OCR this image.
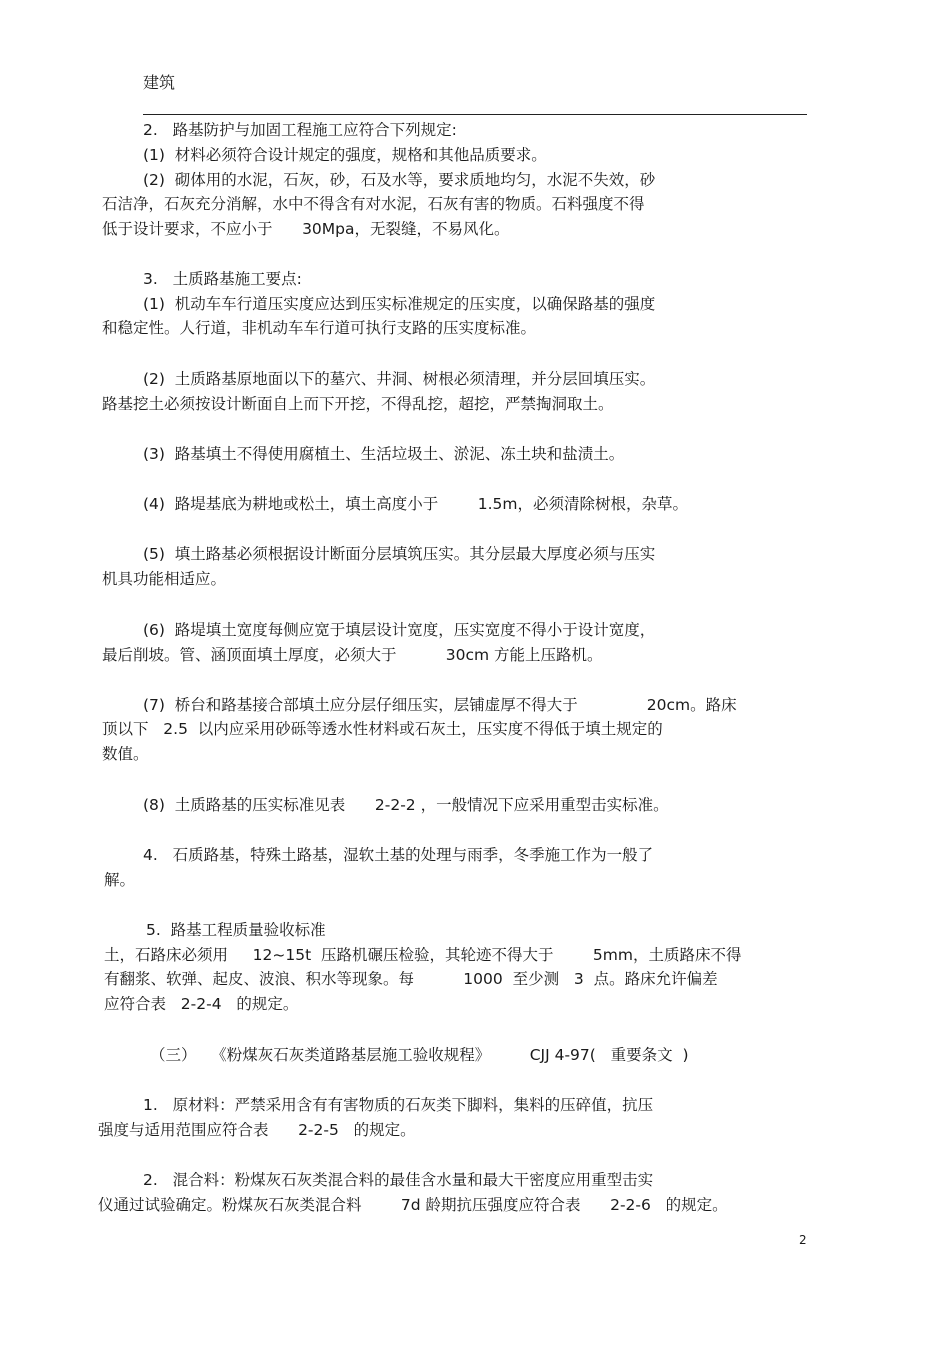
建筑
2.   路基防护与加固工程施工应符合下列规定:
(1)  材料必须符合设计规定的强度，规格和其他品质要求。
(2)  砌体用的水泥，石灰，砂，石及水等，要求质地均匀，水泥不失效，砂
石洁净，石灰充分消解，水中不得含有对水泥，石灰有害的物质。石料强度不得
低于设计要求，不应小于      30Mpa，无裂缝，不易风化。
3.   土质路基施工要点:
(1)  机动车车行道压实度应达到压实标准规定的压实度，以确保路基的强度
和稳定性。人行道，非机动车车行道可执行支路的压实度标准。
(2)  土质路基原地面以下的墓穴、井洞、树根必须清理，并分层回填压实。
路基挖土必须按设计断面自上而下开挖，不得乱挖，超挖，严禁掏洞取土。
(3)  路基填土不得使用腐植土、生活垃圾土、淤泥、冻土块和盐渍土。
(4)  路堤基底为耕地或松土，填土高度小于        1.5m，必须清除树根，杂草。
(5)  填土路基必须根据设计断面分层填筑压实。其分层最大厚度必须与压实
机具功能相适应。
(6)  路堤填土宽度每侧应宽于填层设计宽度，压实宽度不得小于设计宽度，
最后削坡。管、涵顶面填土厚度，必须大于          30cm 方能上压路机。
(7)  桥台和路基接合部填土应分层仔细压实，层铺虚厚不得大于              20cm。路床
顶以下   2.5  以内应采用砂砾等透水性材料或石灰土，压实度不得低于填土规定的
数值。
(8)  土质路基的压实标准见表      2-2-2 ，一般情况下应采用重型击实标准。
4.   石质路基，特殊土路基，湿软土基的处理与雨季，冬季施工作为一般了
解。
5.  路基工程质量验收标准
土，石路床必须用     12~15t  压路机碾压检验，其轮迹不得大于        5mm，土质路床不得
有翻浆、软弹、起皮、波浪、积水等现象。每          1000  至少测   3  点。路床允许偏差
应符合表   2-2-4   的规定。
（三）   《粉煤灰石灰类道路基层施工验收规程》        CJJ 4-97(   重要条文  )
1.   原材料：严禁采用含有有害物质的石灰类下脚料，集料的压碎值，抗压
强度与适用范围应符合表      2-2-5   的规定。
2.   混合料：粉煤灰石灰类混合料的最佳含水量和最大干密度应用重型击实
仪通过试验确定。粉煤灰石灰类混合料        7d 龄期抗压强度应符合表      2-2-6   的规定。
2
